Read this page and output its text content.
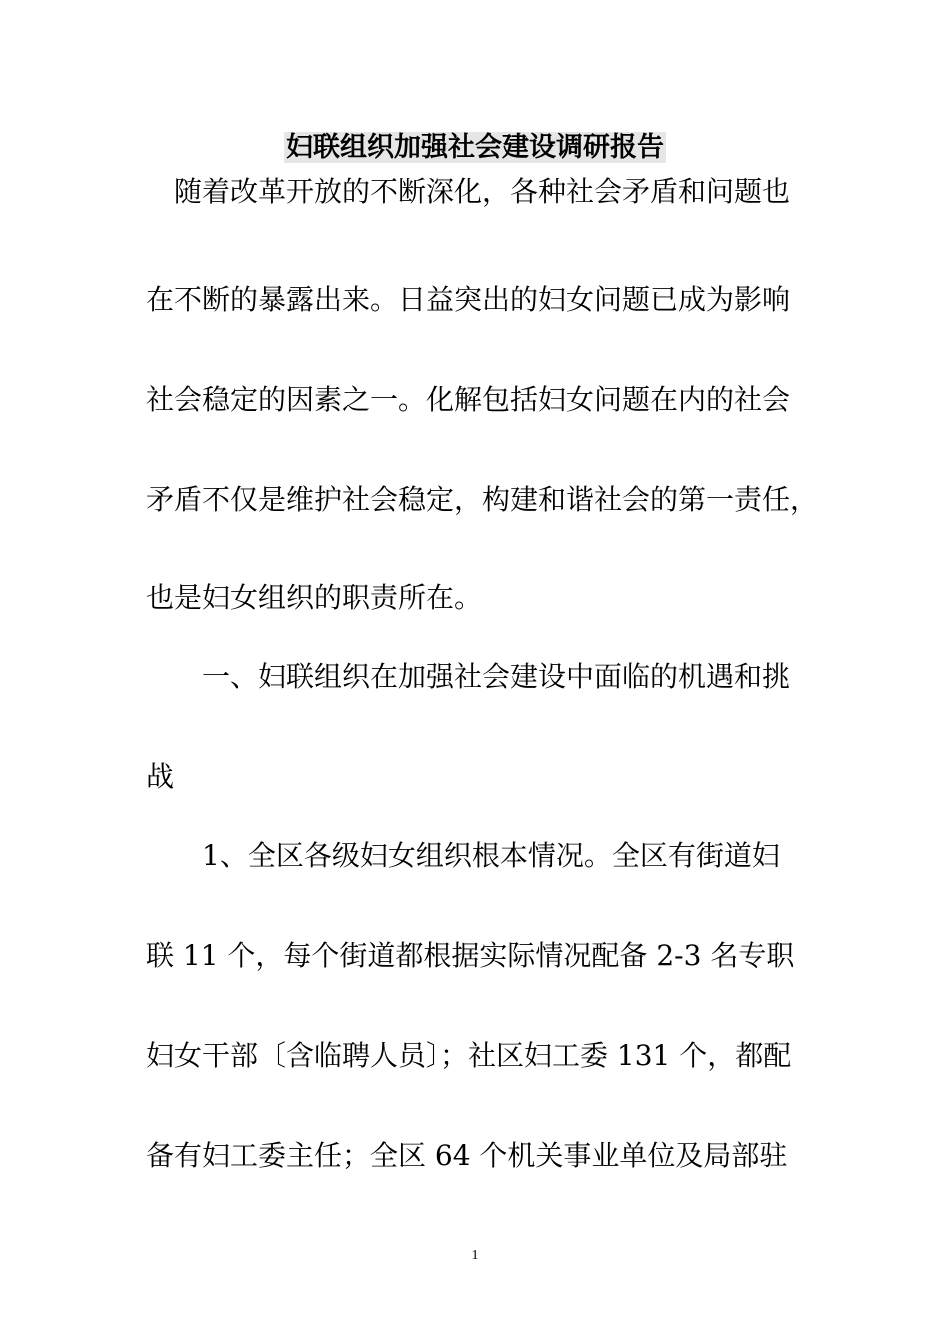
妇联组织加强社会建设调研报告

　随着改革开放的不断深化，各种社会矛盾和问题也

在不断的暴露出来。日益突出的妇女问题已成为影响

社会稳定的因素之一。化解包括妇女问题在内的社会

矛盾不仅是维护社会稳定，构建和谐社会的第一责任，

也是妇女组织的职责所在。

　　一、妇联组织在加强社会建设中面临的机遇和挑

战

　　1、全区各级妇女组织根本情况。全区有街道妇

联 11 个，每个街道都根据实际情况配备 2-3 名专职

妇女干部〔含临聘人员〕；社区妇工委 131 个，都配

备有妇工委主任；全区 64 个机关事业单位及局部驻

1
